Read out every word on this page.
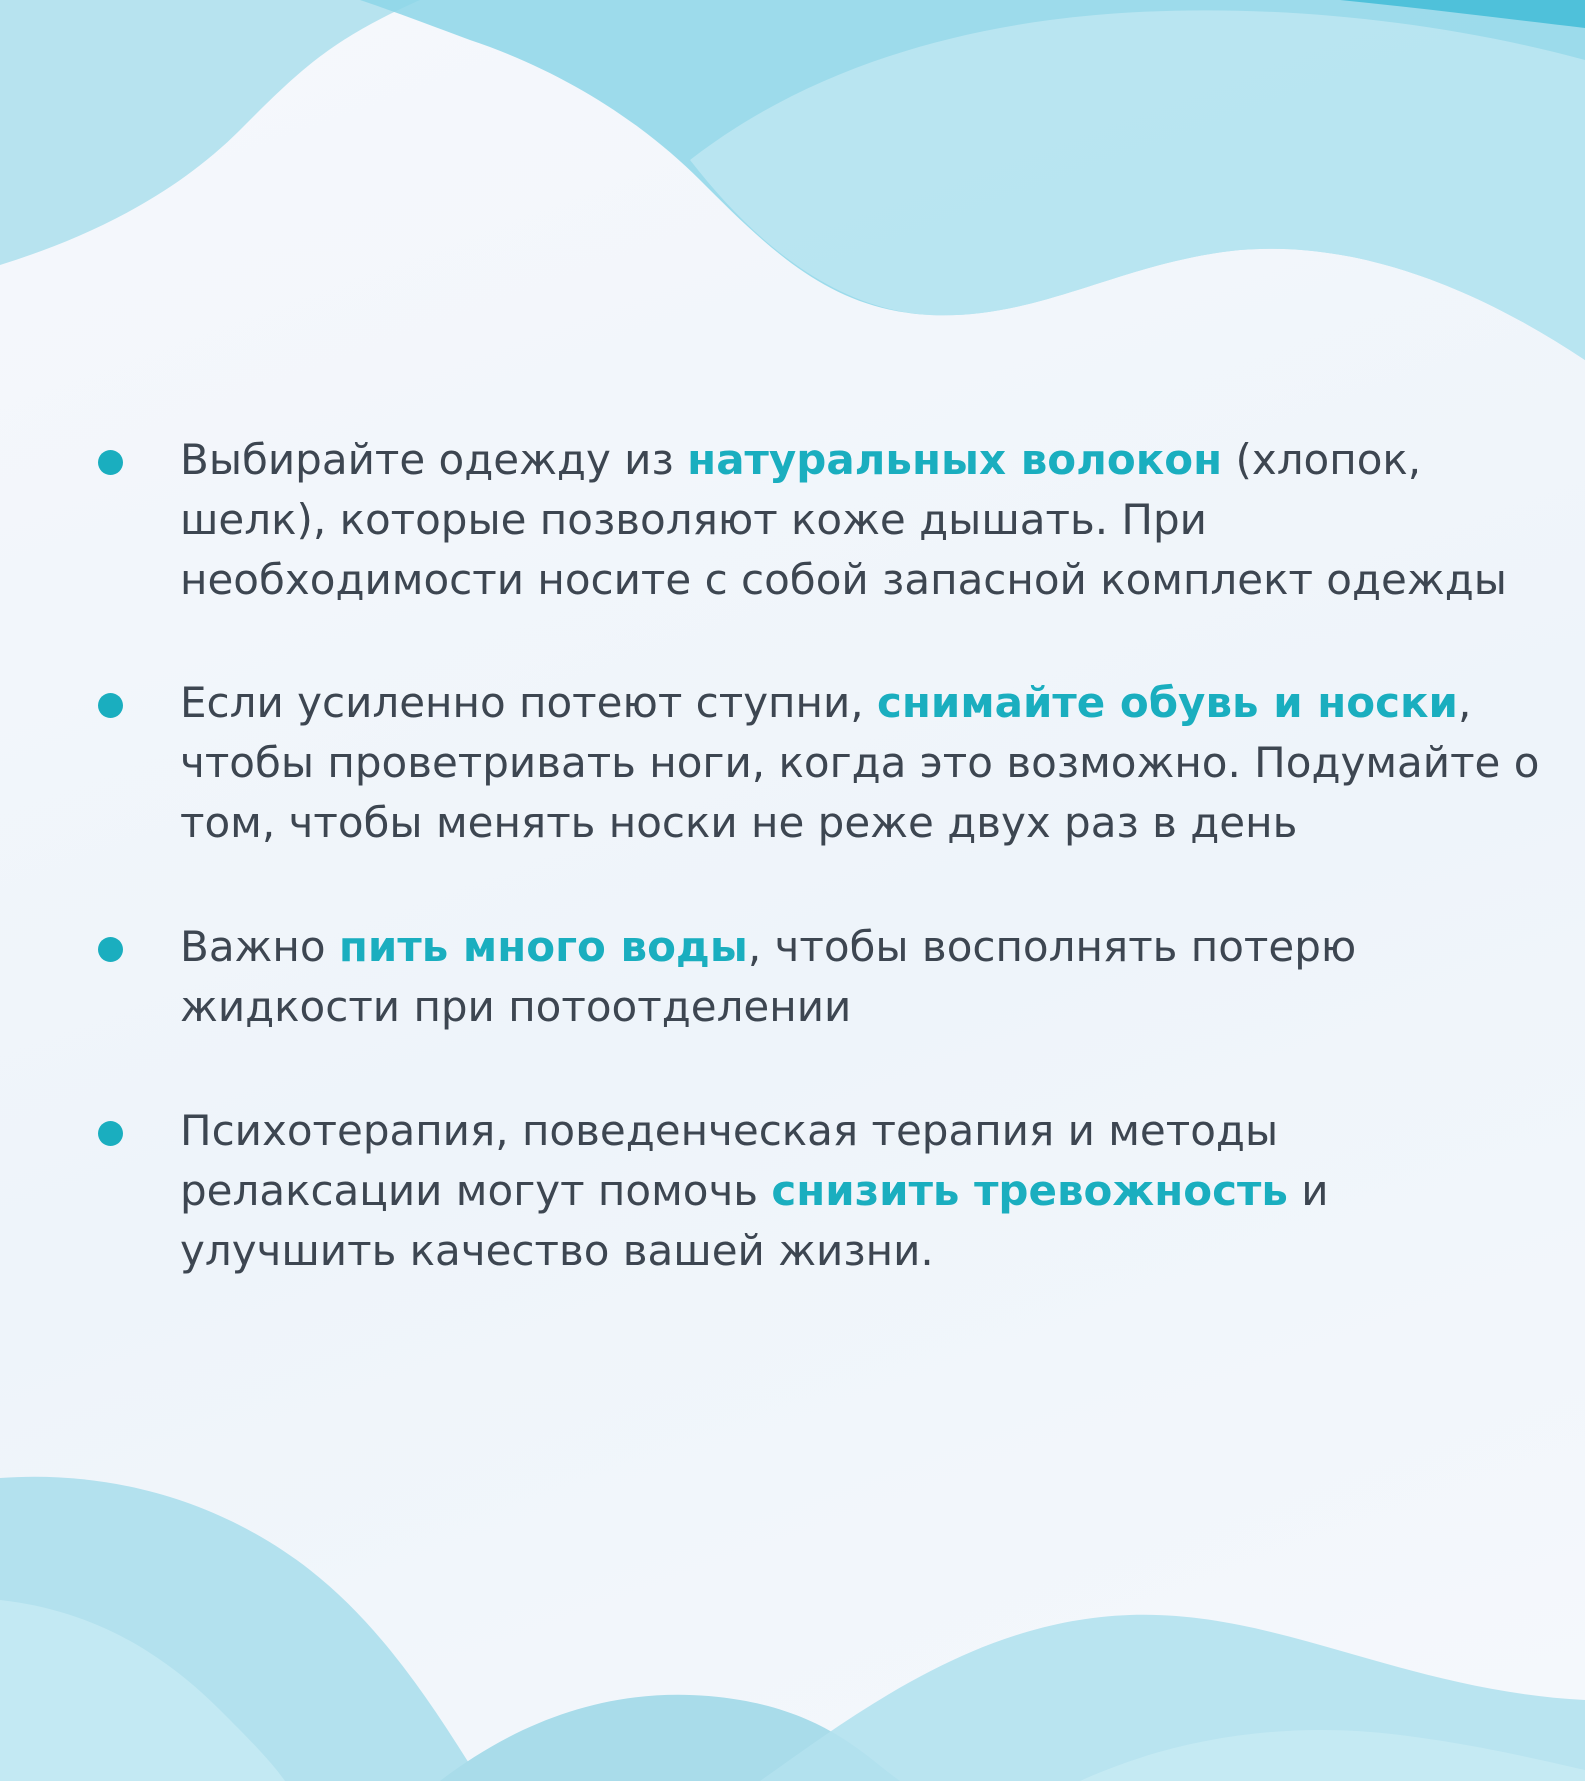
Выбирайте одежду из натуральных волокон (хлопок, шелк), которые позволяют коже дышать. При необходимости носите с собой запасной комплект одежды

Если усиленно потеют ступни, снимайте обувь и носки, чтобы проветривать ноги, когда это возможно. Подумайте о том, чтобы менять носки не реже двух раз в день

Важно пить много воды, чтобы восполнять потерю жидкости при потоотделении

Психотерапия, поведенческая терапия и методы релаксации могут помочь снизить тревожность и улучшить качество вашей жизни.
